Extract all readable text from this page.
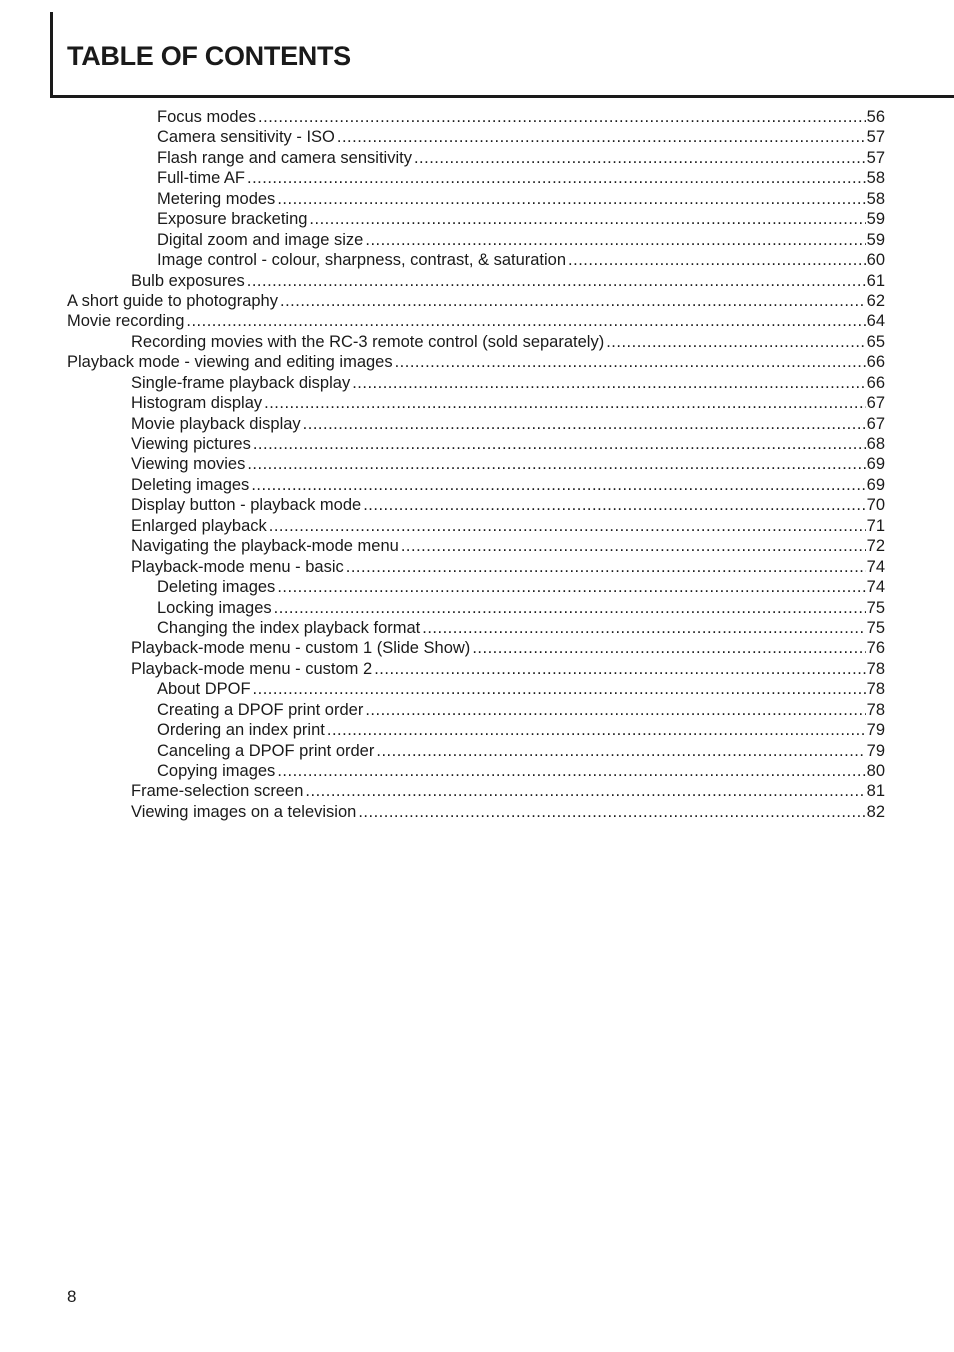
TABLE OF CONTENTS
Focus modes .....	56
Camera sensitivity - ISO .....	57
Flash range and camera sensitivity .....	57
Full-time AF .....	58
Metering modes .....	58
Exposure bracketing .....	59
Digital zoom and image size .....	59
Image control - colour, sharpness, contrast, & saturation .....	60
Bulb exposures .....	61
A short guide to photography .....	62
Movie recording .....	64
Recording movies with the RC-3 remote control (sold separately) .....	65
Playback mode - viewing and editing images .....	66
Single-frame playback display .....	66
Histogram display .....	67
Movie playback display .....	67
Viewing pictures .....	68
Viewing movies .....	69
Deleting images .....	69
Display button - playback mode .....	70
Enlarged playback .....	71
Navigating the playback-mode menu .....	72
Playback-mode menu - basic .....	74
Deleting images .....	74
Locking images .....	75
Changing the index playback format .....	75
Playback-mode menu - custom 1 (Slide Show) .....	76
Playback-mode menu - custom 2 .....	78
About DPOF .....	78
Creating a DPOF print order .....	78
Ordering an index print .....	79
Canceling a DPOF print order .....	79
Copying images .....	80
Frame-selection screen .....	81
Viewing images on a television .....	82
8
